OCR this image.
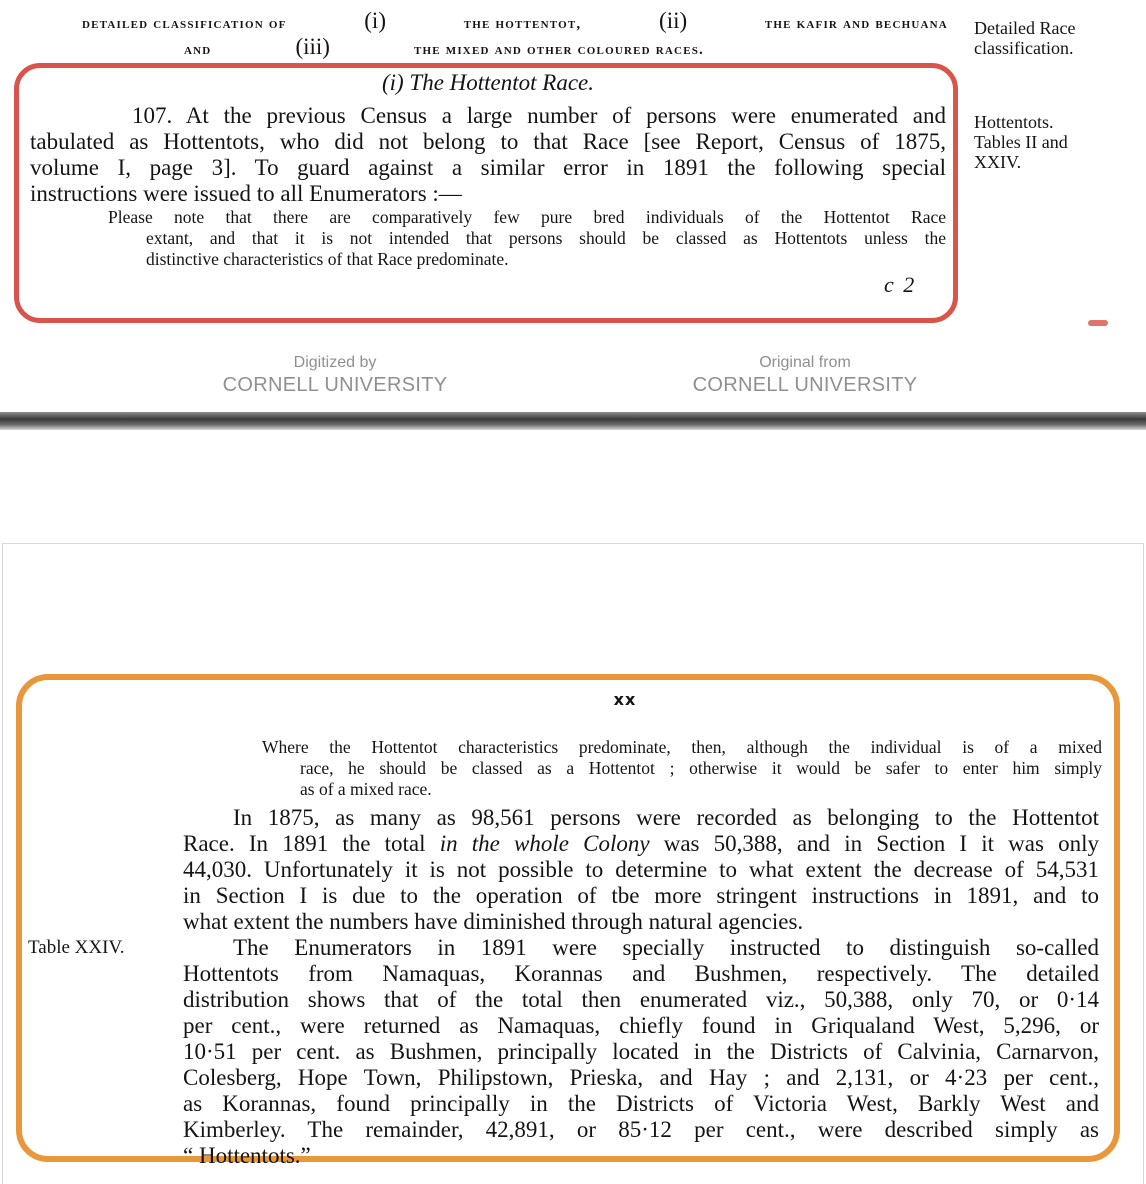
detailed classification of	(i)	the hottentot,	(ii)	the kafir and bechuana
and	(iii)	the mixed and other coloured races.
Detailed Race
classification.
Hottentots.
Tables II and
XXIV.
(i) The Hottentot Race.
107. At the previous Census a large number of persons were enumerated and
tabulated as Hottentots, who did not belong to that Race [see Report, Census of 1875,
volume I, page 3]. To guard against a similar error in 1891 the following special
instructions were issued to all Enumerators :—
Please note that there are comparatively few pure bred individuals of the Hottentot Race
extant, and that it is not intended that persons should be classed as Hottentots unless the
distinctive characteristics of that Race predominate.
c 2
Digitized by
CORNELL UNIVERSITY
Original from
CORNELL UNIVERSITY
xx
Where the Hottentot characteristics predominate, then, although the individual is of a mixed
race, he should be classed as a Hottentot ; otherwise it would be safer to enter him simply
as of a mixed race.
Table XXIV.
In 1875, as many as 98,561 persons were recorded as belonging to the Hottentot
Race. In 1891 the total in the whole Colony was 50,388, and in Section I it was only
44,030. Unfortunately it is not possible to determine to what extent the decrease of 54,531
in Section I is due to the operation of tbe more stringent instructions in 1891, and to
what extent the numbers have diminished through natural agencies.
The Enumerators in 1891 were specially instructed to distinguish so-called
Hottentots from Namaquas, Korannas and Bushmen, respectively. The detailed
distribution shows that of the total then enumerated viz., 50,388, only 70, or 0·14
per cent., were returned as Namaquas, chiefly found in Griqualand West, 5,296, or
10·51 per cent. as Bushmen, principally located in the Districts of Calvinia, Carnarvon,
Colesberg, Hope Town, Philipstown, Prieska, and Hay ; and 2,131, or 4·23 per cent.,
as Korannas, found principally in the Districts of Victoria West, Barkly West and
Kimberley. The remainder, 42,891, or 85·12 per cent., were described simply as
“ Hottentots.”
